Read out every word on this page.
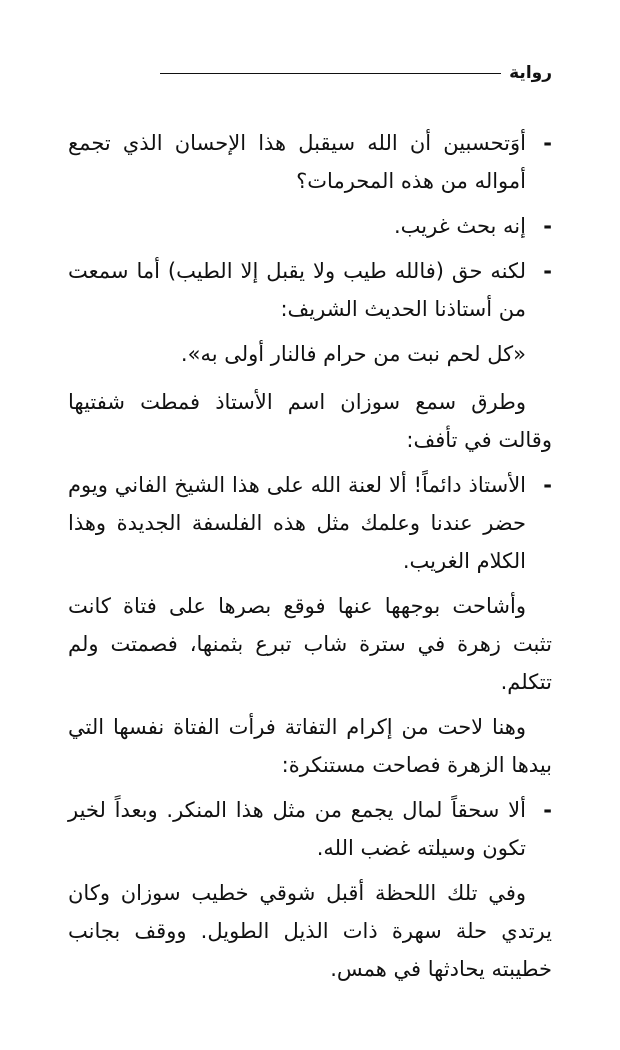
رواية

-
أوَتحسبين أن الله سيقبل هذا الإحسان الذي تجمع أمواله من هذه المحرمات؟

-
إنه بحث غريب.

-
لكنه حق (فالله طيب ولا يقبل إلا الطيب) أما سمعت من أستاذنا الحديث الشريف:

«كل لحم نبت من حرام فالنار أولى به».

وطرق سمع سوزان اسم الأستاذ فمطت شفتيها وقالت في تأفف:

-
الأستاذ دائماً! ألا لعنة الله على هذا الشيخ الفاني ويوم حضر عندنا وعلمك مثل هذه الفلسفة الجديدة وهذا الكلام الغريب.

وأشاحت بوجهها عنها فوقع بصرها على فتاة كانت تثبت زهرة في سترة شاب تبرع بثمنها، فصمتت ولم تتكلم.

وهنا لاحت من إكرام التفاتة فرأت الفتاة نفسها التي بيدها الزهرة فصاحت مستنكرة:

-
ألا سحقاً لمال يجمع من مثل هذا المنكر. وبعداً لخير تكون وسيلته غضب الله.

وفي تلك اللحظة أقبل شوقي خطيب سوزان وكان يرتدي حلة سهرة ذات الذيل الطويل. ووقف بجانب خطيبته يحادثها في همس.
